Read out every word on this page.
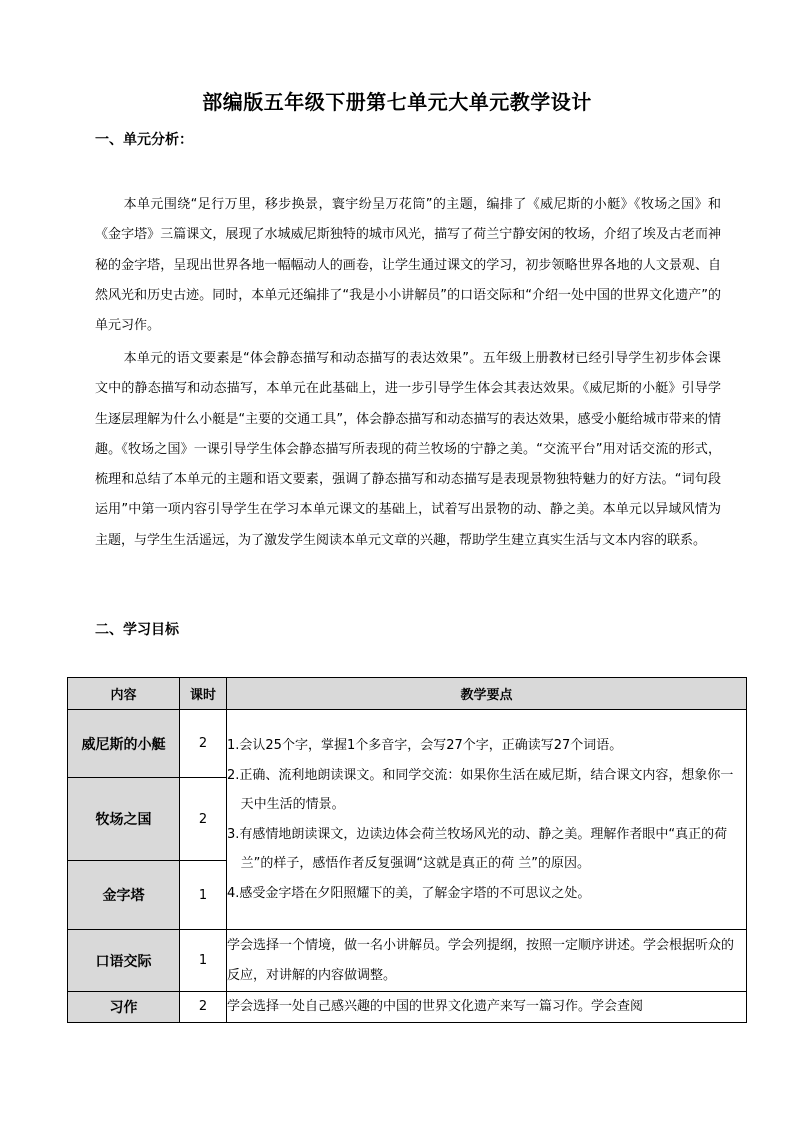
部编版五年级下册第七单元大单元教学设计
一、单元分析：
本单元围绕“足行万里，移步换景，寰宇纷呈万花筒”的主题，编排了《威尼斯的小艇》《牧场之国》和《金字塔》三篇课文，展现了水城威尼斯独特的城市风光，描写了荷兰宁静安闲的牧场，介绍了埃及古老而神秘的金字塔，呈现出世界各地一幅幅动人的画卷，让学生通过课文的学习，初步领略世界各地的人文景观、自然风光和历史古迹。同时，本单元还编排了“我是小小讲解员”的口语交际和“介绍一处中国的世界文化遗产”的单元习作。
本单元的语文要素是“体会静态描写和动态描写的表达效果”。五年级上册教材已经引导学生初步体会课文中的静态描写和动态描写，本单元在此基础上，进一步引导学生体会其表达效果。《威尼斯的小艇》引导学生逐层理解为什么小艇是“主要的交通工具”，体会静态描写和动态描写的表达效果，感受小艇给城市带来的情趣。《牧场之国》一课引导学生体会静态描写所表现的荷兰牧场的宁静之美。“交流平台”用对话交流的形式，梳理和总结了本单元的主题和语文要素，强调了静态描写和动态描写是表现景物独特魅力的好方法。“词句段运用”中第一项内容引导学生在学习本单元课文的基础上，试着写出景物的动、静之美。本单元以异域风情为主题，与学生生活遥远，为了激发学生阅读本单元文章的兴趣，帮助学生建立真实生活与文本内容的联系。
二、学习目标
内容	课时	教学要点
威尼斯的小艇	2	1.会认25个字，掌握1个多音字，会写27个字，正确读写27个词语。
2.正确、流利地朗读课文。和同学交流：如果你生活在威尼斯，结合课文内容，想象你一天中生活的情景。
3.有感情地朗读课文，边读边体会荷兰牧场风光的动、静之美。理解作者眼中“真正的荷兰”的样子，感悟作者反复强调“这就是真正的荷 兰”的原因。
4.感受金字塔在夕阳照耀下的美，了解金字塔的不可思议之处。

牧场之国	2	
金字塔	1	
口语交际	1	学会选择一个情境，做一名小讲解员。学会列提纲，按照一定顺序讲述。学会根据听众的反应，对讲解的内容做调整。
习作	2	学会选择一处自己感兴趣的中国的世界文化遗产来写一篇习作。学会查阅
